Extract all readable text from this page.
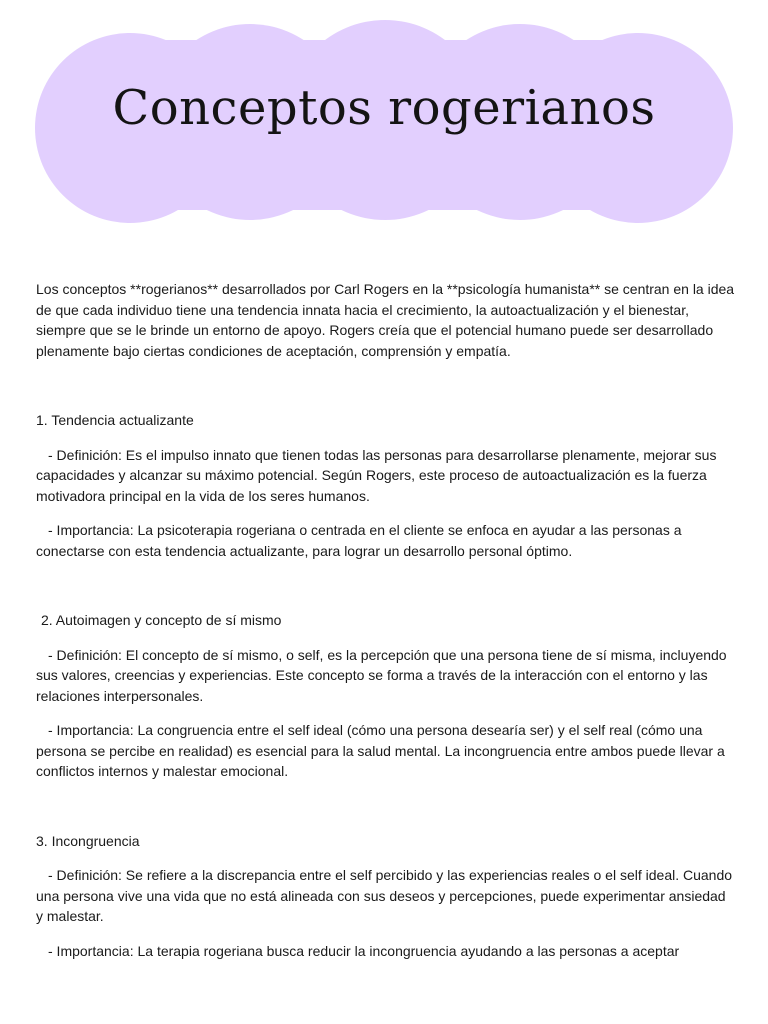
Conceptos rogerianos

Los conceptos **rogerianos** desarrollados por Carl Rogers en la **psicología humanista** se centran en la idea de que cada individuo tiene una tendencia innata hacia el crecimiento, la autoactualización y el bienestar, siempre que se le brinde un entorno de apoyo. Rogers creía que el potencial humano puede ser desarrollado plenamente bajo ciertas condiciones de aceptación, comprensión y empatía.

1. Tendencia actualizante

- Definición: Es el impulso innato que tienen todas las personas para desarrollarse plenamente, mejorar sus capacidades y alcanzar su máximo potencial. Según Rogers, este proceso de autoactualización es la fuerza motivadora principal en la vida de los seres humanos.

- Importancia: La psicoterapia rogeriana o centrada en el cliente se enfoca en ayudar a las personas a conectarse con esta tendencia actualizante, para lograr un desarrollo personal óptimo.

2. Autoimagen y concepto de sí mismo

- Definición: El concepto de sí mismo, o self, es la percepción que una persona tiene de sí misma, incluyendo sus valores, creencias y experiencias. Este concepto se forma a través de la interacción con el entorno y las relaciones interpersonales.

- Importancia: La congruencia entre el self ideal (cómo una persona desearía ser) y el self real (cómo una persona se percibe en realidad) es esencial para la salud mental. La incongruencia entre ambos puede llevar a conflictos internos y malestar emocional.

3. Incongruencia

- Definición: Se refiere a la discrepancia entre el self percibido y las experiencias reales o el self ideal. Cuando una persona vive una vida que no está alineada con sus deseos y percepciones, puede experimentar ansiedad y malestar.

- Importancia: La terapia rogeriana busca reducir la incongruencia ayudando a las personas a aceptar
